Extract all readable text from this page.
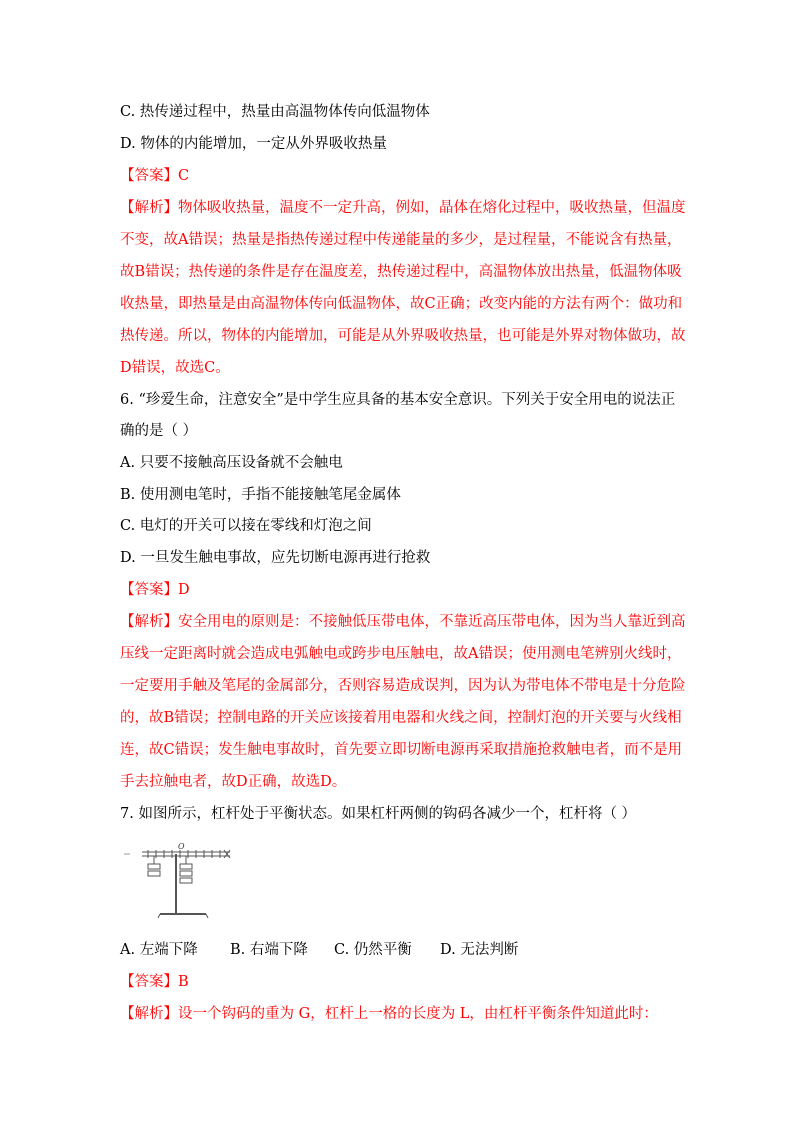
C. 热传递过程中，热量由高温物体传向低温物体
D. 物体的内能增加，一定从外界吸收热量
【答案】C
【解析】物体吸收热量，温度不一定升高，例如，晶体在熔化过程中，吸收热量，但温度
不变，故A错误；热量是指热传递过程中传递能量的多少，是过程量，不能说含有热量，
故B错误；热传递的条件是存在温度差，热传递过程中，高温物体放出热量，低温物体吸
收热量，即热量是由高温物体传向低温物体，故C正确；改变内能的方法有两个：做功和
热传递。所以，物体的内能增加，可能是从外界吸收热量，也可能是外界对物体做功，故
D错误，故选C。
6. “珍爱生命，注意安全”是中学生应具备的基本安全意识。下列关于安全用电的说法正
确的是（ ）
A. 只要不接触高压设备就不会触电
B. 使用测电笔时，手指不能接触笔尾金属体
C. 电灯的开关可以接在零线和灯泡之间
D. 一旦发生触电事故，应先切断电源再进行抢救
【答案】D
【解析】安全用电的原则是：不接触低压带电体，不靠近高压带电体，因为当人靠近到高
压线一定距离时就会造成电弧触电或跨步电压触电，故A错误；使用测电笔辨别火线时，
一定要用手触及笔尾的金属部分，否则容易造成误判，因为认为带电体不带电是十分危险
的，故B错误；控制电路的开关应该接着用电器和火线之间，控制灯泡的开关要与火线相
连，故C错误；发生触电事故时，首先要立即切断电源再采取措施抢救触电者，而不是用
手去拉触电者，故D正确，故选D。
7. 如图所示，杠杆处于平衡状态。如果杠杆两侧的钩码各减少一个，杠杆将（ ）
O
A. 左端下降 B. 右端下降 C. 仍然平衡 D. 无法判断
【答案】B
【解析】设一个钩码的重为 G，杠杆上一格的长度为 L，由杠杆平衡条件知道此时：
